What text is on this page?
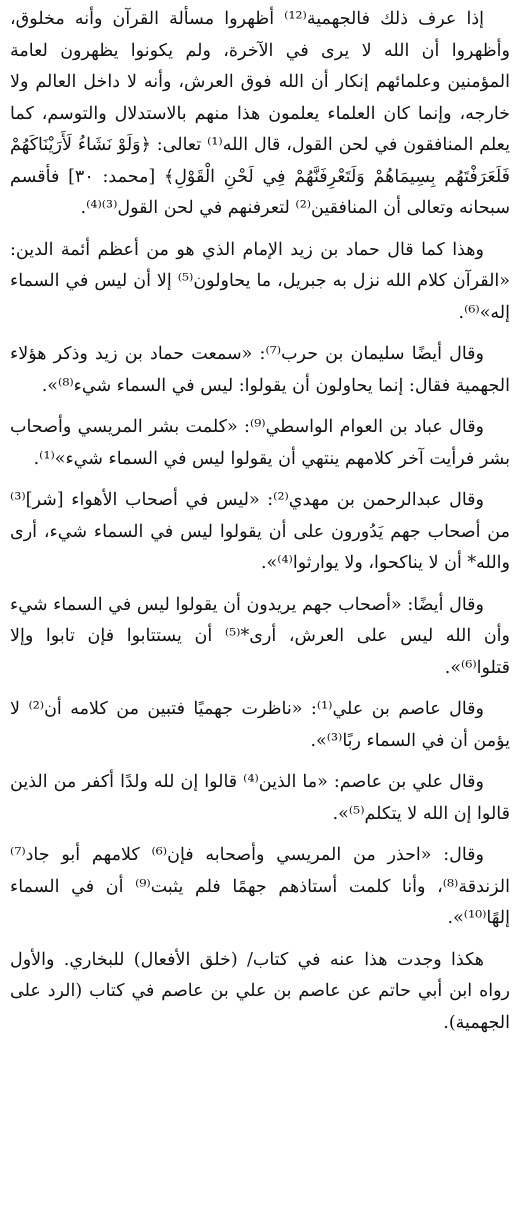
إذا عرف ذلك فالجهمية⁽¹²⁾ أظهروا مسألة القرآن وأنه مخلوق، وأظهروا أن الله لا يرى في الآخرة، ولم يكونوا يظهرون لعامة المؤمنين وعلمائهم إنكار أن الله فوق العرش، وأنه لا داخل العالم ولا خارجه، وإنما كان العلماء يعلمون هذا منهم بالاستدلال والتوسم، كما يعلم المنافقون في لحن القول، قال الله⁽¹⁾ تعالى: ﴿وَلَوْ نَشَاءُ لَأَرَيْنَاكَهُمْ فَلَعَرَفْتَهُم بِسِيمَاهُمْ وَلَتَعْرِفَنَّهُمْ فِي لَحْنِ الْقَوْلِ﴾ [محمد: ٣٠] فأقسم سبحانه وتعالى أن المنافقين⁽²⁾ لتعرفنهم في لحن القول⁽³⁾⁽⁴⁾.

وهذا كما قال حماد بن زيد الإمام الذي هو من أعظم أئمة الدين: «القرآن كلام الله نزل به جبريل، ما يحاولون⁽⁵⁾ إلا أن ليس في السماء إله»⁽⁶⁾.

وقال أيضًا سليمان بن حرب⁽⁷⁾: «سمعت حماد بن زيد وذكر هؤلاء الجهمية فقال: إنما يحاولون أن يقولوا: ليس في السماء شيء⁽⁸⁾».

وقال عباد بن العوام الواسطي⁽⁹⁾: «كلمت بشر المريسي وأصحاب بشر فرأيت آخر كلامهم ينتهي أن يقولوا ليس في السماء شيء»⁽¹⁾.

وقال عبدالرحمن بن مهدي⁽²⁾: «ليس في أصحاب الأهواء [شر]⁽³⁾ من أصحاب جهم يَدُورون على أن يقولوا ليس في السماء شيء، أرى والله* أن لا يناكحوا، ولا يوارثوا⁽⁴⁾».

وقال أيضًا: «أصحاب جهم يريدون أن يقولوا ليس في السماء شيء وأن الله ليس على العرش، أرى*⁽⁵⁾ أن يستتابوا فإن تابوا وإلا قتلوا⁽⁶⁾».

وقال عاصم بن علي⁽¹⁾: «ناظرت جهميًا فتبين من كلامه أن⁽²⁾ لا يؤمن أن في السماء ربًا⁽³⁾».

وقال علي بن عاصم: «ما الذين⁽⁴⁾ قالوا إن لله ولدًا أكفر من الذين قالوا إن الله لا يتكلم⁽⁵⁾».

وقال: «احذر من المريسي وأصحابه فإن⁽⁶⁾ كلامهم أبو جاد⁽⁷⁾ الزندقة⁽⁸⁾، وأنا كلمت أستاذهم جهمًا فلم يثبت⁽⁹⁾ أن في السماء إلهًا⁽¹⁰⁾».

هكذا وجدت هذا عنه في كتاب/ (خلق الأفعال) للبخاري. والأول رواه ابن أبي حاتم عن عاصم بن علي بن عاصم في كتاب (الرد على الجهمية).
